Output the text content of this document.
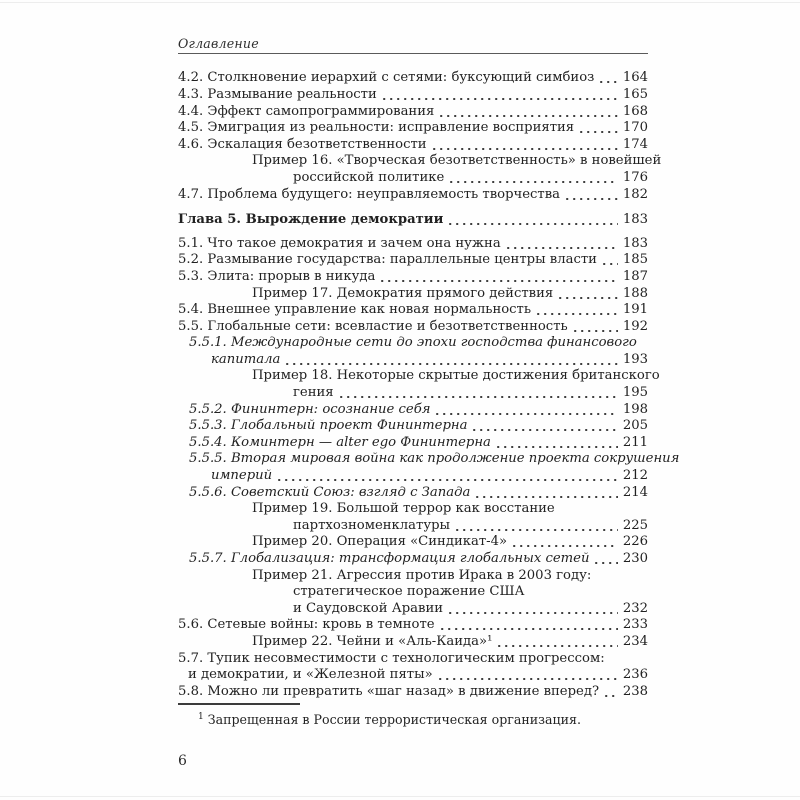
Оглавление
4.2. Столкновение иерархий с сетями: буксующий симбиоз 164
4.3. Размывание реальности	165
4.4. Эффект самопрограммирования	168
4.5. Эмиграция из реальности: исправление восприятия	170
4.6. Эскалация безответственности	174
Пример 16. «Творческая безответственность» в новейшей
российской политике	176
4.7. Проблема будущего: неуправляемость творчества	182
Глава 5. Вырождение демократии	183
5.1. Что такое демократия и зачем она нужна	183
5.2. Размывание государства: параллельные центры власти 185
5.3. Элита: прорыв в никуда	187
Пример 17. Демократия прямого действия	188
5.4. Внешнее управление как новая нормальность	191
5.5. Глобальные сети: всевластие и безответственность	192
5.5.1. Международные сети до эпохи господства финансового
капитала	193
Пример 18. Некоторые скрытые достижения британского
гения	195
5.5.2. Фининтерн: осознание себя	198
5.5.3. Глобальный проект Фининтерна	205
5.5.4. Коминтерн — alter ego Фининтерна	211
5.5.5. Вторая мировая война как продолжение проекта сокрушения
империй	212
5.5.6. Советский Союз: взгляд с Запада	214
Пример 19. Большой террор как восстание
партхозноменклатуры	225
Пример 20. Операция «Синдикат-4»	226
5.5.7. Глобализация: трансформация глобальных сетей	230
Пример 21. Агрессия против Ирака в 2003 году:
стратегическое поражение США
и Саудовской Аравии	232
5.6. Сетевые войны: кровь в темноте	233
Пример 22. Чейни и «Аль-Каида»¹	234
5.7. Тупик несовместимости с технологическим прогрессом:
и демократии, и «Железной пяты»	236
5.8. Можно ли превратить «шаг назад» в движение вперед? 238
$^1$ Запрещенная в России террористическая организация.
6
